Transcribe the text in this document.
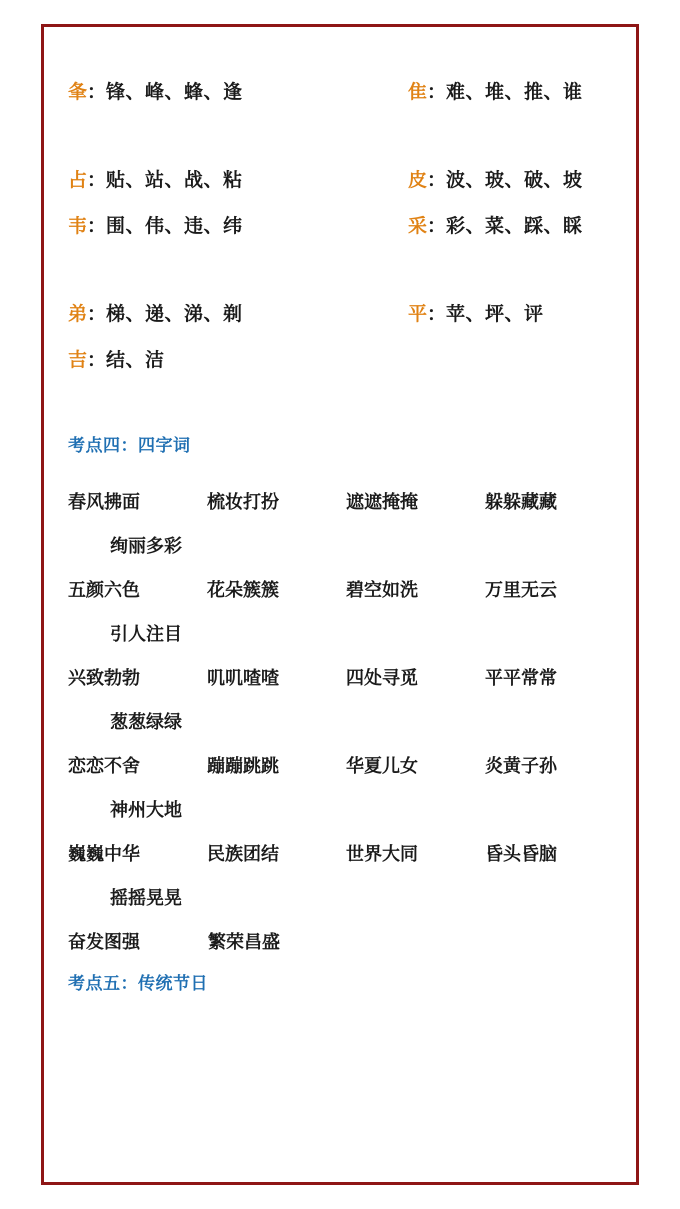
夆：锋、峰、蜂、逢	隹：难、堆、推、谁
占：贴、站、战、粘	皮：波、玻、破、坡
韦：围、伟、违、纬	采：彩、菜、踩、睬
弟：梯、递、涕、剃	平：苹、坪、评
吉：结、洁
考点四：四字词
春风拂面	梳妆打扮	遮遮掩掩	躲躲藏藏
绚丽多彩
五颜六色	花朵簇簇	碧空如洗	万里无云
引人注目
兴致勃勃	叽叽喳喳	四处寻觅	平平常常
葱葱绿绿
恋恋不舍	蹦蹦跳跳	华夏儿女	炎黄子孙
神州大地
巍巍中华	民族团结	世界大同	昏头昏脑
摇摇晃晃
奋发图强	繁荣昌盛
考点五：传统节日
